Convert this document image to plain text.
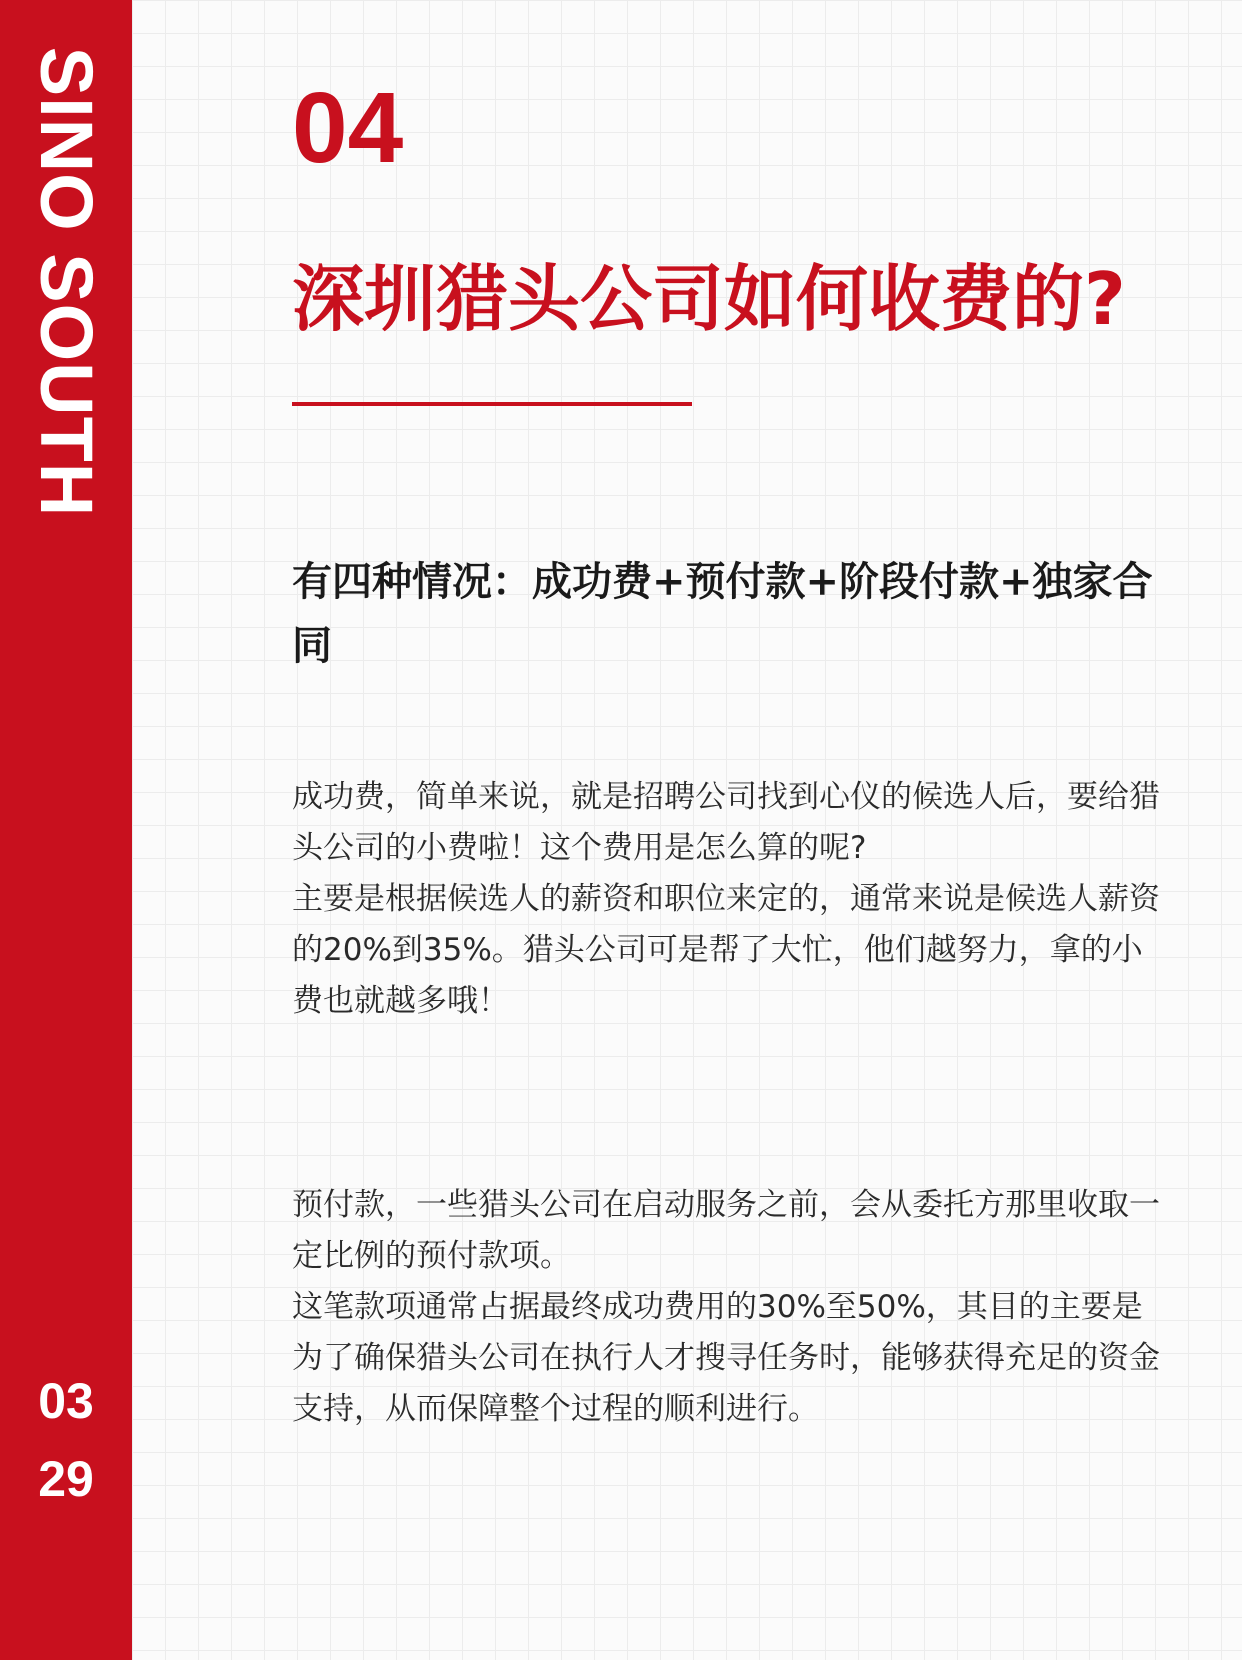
SINO SOUTH
03
29
04
深圳猎头公司如何收费的?
有四种情况：成功费+预付款+阶段付款+独家合同

成功费，简单来说，就是招聘公司找到心仪的候选人后，要给猎头公司的小费啦！这个费用是怎么算的呢?

主要是根据候选人的薪资和职位来定的，通常来说是候选人薪资的20%到35%。猎头公司可是帮了大忙，他们越努力，拿的小费也就越多哦！

预付款，一些猎头公司在启动服务之前，会从委托方那里收取一定比例的预付款项。

这笔款项通常占据最终成功费用的30%至50%，其目的主要是为了确保猎头公司在执行人才搜寻任务时，能够获得充足的资金支持，从而保障整个过程的顺利进行。
